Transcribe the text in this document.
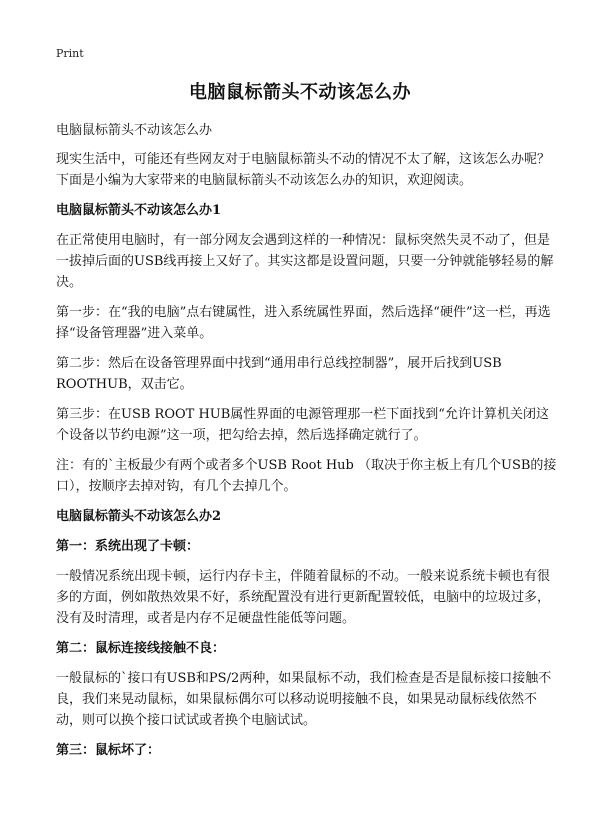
Print
电脑鼠标箭头不动该怎么办

电脑鼠标箭头不动该怎么办

现实生活中，可能还有些网友对于电脑鼠标箭头不动的情况不太了解，这该怎么办呢？下面是小编为大家带来的电脑鼠标箭头不动该怎么办的知识，欢迎阅读。

电脑鼠标箭头不动该怎么办1

在正常使用电脑时，有一部分网友会遇到这样的一种情况：鼠标突然失灵不动了，但是一拔掉后面的USB线再接上又好了。其实这都是设置问题，只要一分钟就能够轻易的解决。

第一步：在“我的电脑”点右键属性，进入系统属性界面，然后选择“硬件”这一栏，再选择“设备管理器”进入菜单。

第二步：然后在设备管理界面中找到“通用串行总线控制器”，展开后找到USB ROOTHUB，双击它。

第三步：在USB ROOT HUB属性界面的电源管理那一栏下面找到“允许计算机关闭这个设备以节约电源”这一项，把勾给去掉，然后选择确定就行了。

注：有的`主板最少有两个或者多个USB Root Hub （取决于你主板上有几个USB的接口），按顺序去掉对钩，有几个去掉几个。

电脑鼠标箭头不动该怎么办2

第一：系统出现了卡顿：

一般情况系统出现卡顿，运行内存卡主，伴随着鼠标的不动。一般来说系统卡顿也有很多的方面，例如散热效果不好，系统配置没有进行更新配置较低，电脑中的垃圾过多，没有及时清理，或者是内存不足硬盘性能低等问题。

第二：鼠标连接线接触不良：

一般鼠标的`接口有USB和PS/2两种，如果鼠标不动，我们检查是否是鼠标接口接触不良，我们来晃动鼠标，如果鼠标偶尔可以移动说明接触不良，如果晃动鼠标线依然不动，则可以换个接口试试或者换个电脑试试。

第三：鼠标坏了：
